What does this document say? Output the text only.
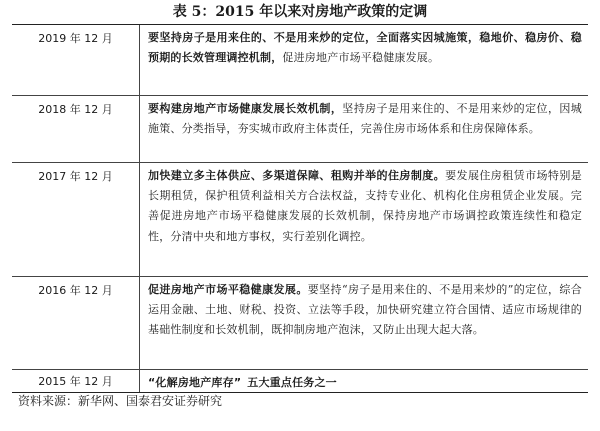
表 5：2015 年以来对房地产政策的定调
2019 年 12 月	要坚持房子是用来住的、不是用来炒的定位，全面落实因城施策，稳地价、稳房价、稳预期的长效管理调控机制，促进房地产市场平稳健康发展。
2018 年 12 月	要构建房地产市场健康发展长效机制，坚持房子是用来住的、不是用来炒的定位，因城施策、分类指导，夯实城市政府主体责任，完善住房市场体系和住房保障体系。
2017 年 12 月	加快建立多主体供应、多渠道保障、租购并举的住房制度。要发展住房租赁市场特别是长期租赁，保护租赁利益相关方合法权益，支持专业化、机构化住房租赁企业发展。完善促进房地产市场平稳健康发展的长效机制，保持房地产市场调控政策连续性和稳定性，分清中央和地方事权，实行差别化调控。
2016 年 12 月	促进房地产市场平稳健康发展。要坚持“房子是用来住的、不是用来炒的”的定位，综合运用金融、土地、财税、投资、立法等手段，加快研究建立符合国情、适应市场规律的基础性制度和长效机制，既抑制房地产泡沫，又防止出现大起大落。
2015 年 12 月	“化解房地产库存” 五大重点任务之一
资料来源：新华网、国泰君安证券研究
